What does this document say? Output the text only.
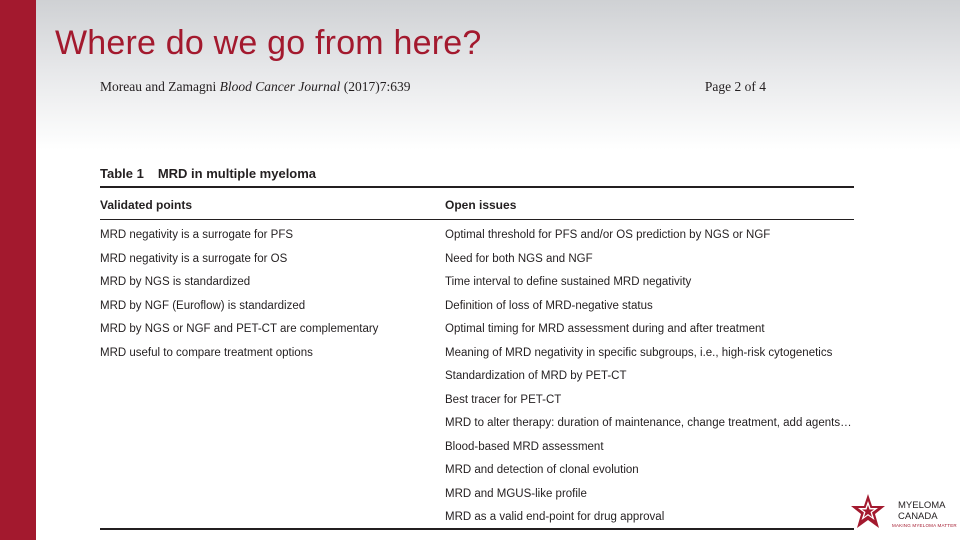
Where do we go from here?
Moreau and Zamagni Blood Cancer Journal (2017)7:639	Page 2 of 4
Table 1 MRD in multiple myeloma
Validated points	Open issues
MRD negativity is a surrogate for PFS
MRD negativity is a surrogate for OS
MRD by NGS is standardized
MRD by NGF (Euroflow) is standardized
MRD by NGS or NGF and PET-CT are complementary
MRD useful to compare treatment options
Optimal threshold for PFS and/or OS prediction by NGS or NGF
Need for both NGS and NGF
Time interval to define sustained MRD negativity
Definition of loss of MRD-negative status
Optimal timing for MRD assessment during and after treatment
Meaning of MRD negativity in specific subgroups, i.e., high-risk cytogenetics
Standardization of MRD by PET-CT
Best tracer for PET-CT
MRD to alter therapy: duration of maintenance, change treatment, add agents…
Blood-based MRD assessment
MRD and detection of clonal evolution
MRD and MGUS-like profile
MRD as a valid end-point for drug approval
MYELOMA
CANADA
MAKING MYELOMA MATTER
